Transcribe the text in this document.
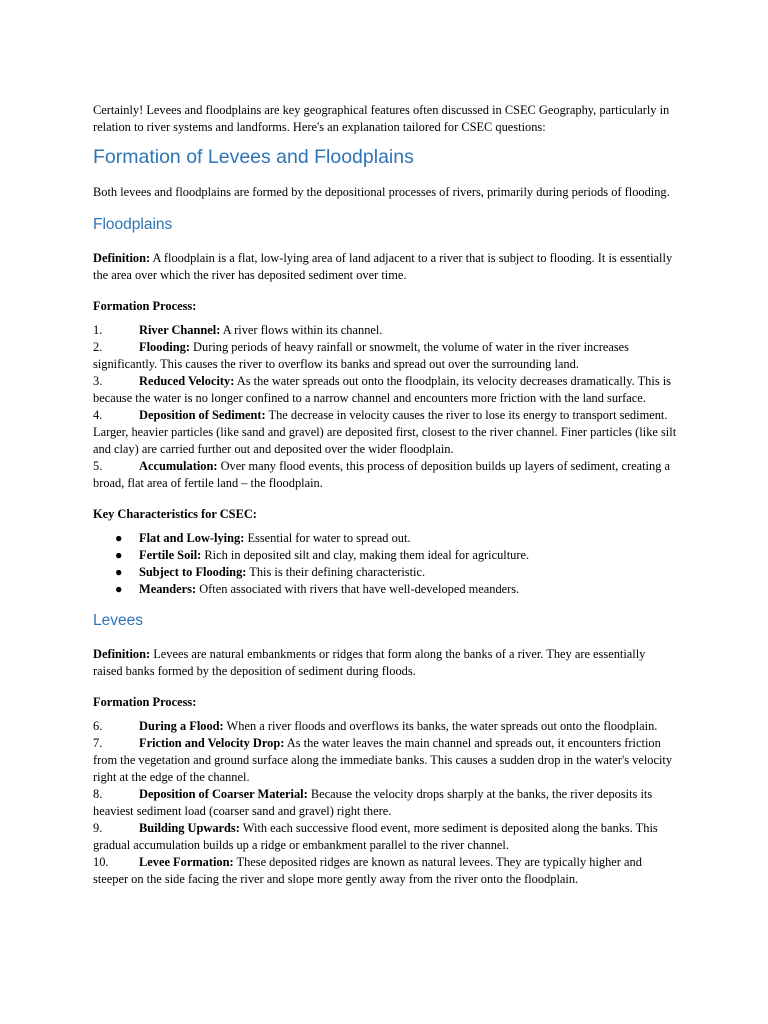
Certainly! Levees and floodplains are key geographical features often discussed in CSEC Geography, particularly in relation to river systems and landforms. Here's an explanation tailored for CSEC questions:

Formation of Levees and Floodplains

Both levees and floodplains are formed by the depositional processes of rivers, primarily during periods of flooding.

Floodplains

Definition: A floodplain is a flat, low-lying area of land adjacent to a river that is subject to flooding. It is essentially the area over which the river has deposited sediment over time.

Formation Process:

1.	River Channel: A river flows within its channel.
2.	Flooding: During periods of heavy rainfall or snowmelt, the volume of water in the river increases significantly. This causes the river to overflow its banks and spread out over the surrounding land.
3.	Reduced Velocity: As the water spreads out onto the floodplain, its velocity decreases dramatically. This is because the water is no longer confined to a narrow channel and encounters more friction with the land surface.
4.	Deposition of Sediment: The decrease in velocity causes the river to lose its energy to transport sediment. Larger, heavier particles (like sand and gravel) are deposited first, closest to the river channel. Finer particles (like silt and clay) are carried further out and deposited over the wider floodplain.
5.	Accumulation: Over many flood events, this process of deposition builds up layers of sediment, creating a broad, flat area of fertile land – the floodplain.

Key Characteristics for CSEC:

● Flat and Low-lying: Essential for water to spread out.
● Fertile Soil: Rich in deposited silt and clay, making them ideal for agriculture.
● Subject to Flooding: This is their defining characteristic.
● Meanders: Often associated with rivers that have well-developed meanders.
Levees

Definition: Levees are natural embankments or ridges that form along the banks of a river. They are essentially raised banks formed by the deposition of sediment during floods.

Formation Process:

6.	During a Flood: When a river floods and overflows its banks, the water spreads out onto the floodplain.
7.	Friction and Velocity Drop: As the water leaves the main channel and spreads out, it encounters friction from the vegetation and ground surface along the immediate banks. This causes a sudden drop in the water's velocity right at the edge of the channel.
8.	Deposition of Coarser Material: Because the velocity drops sharply at the banks, the river deposits its heaviest sediment load (coarser sand and gravel) right there.
9.	Building Upwards: With each successive flood event, more sediment is deposited along the banks. This gradual accumulation builds up a ridge or embankment parallel to the river channel.
10. Levee Formation: These deposited ridges are known as natural levees. They are typically higher and steeper on the side facing the river and slope more gently away from the river onto the floodplain.
